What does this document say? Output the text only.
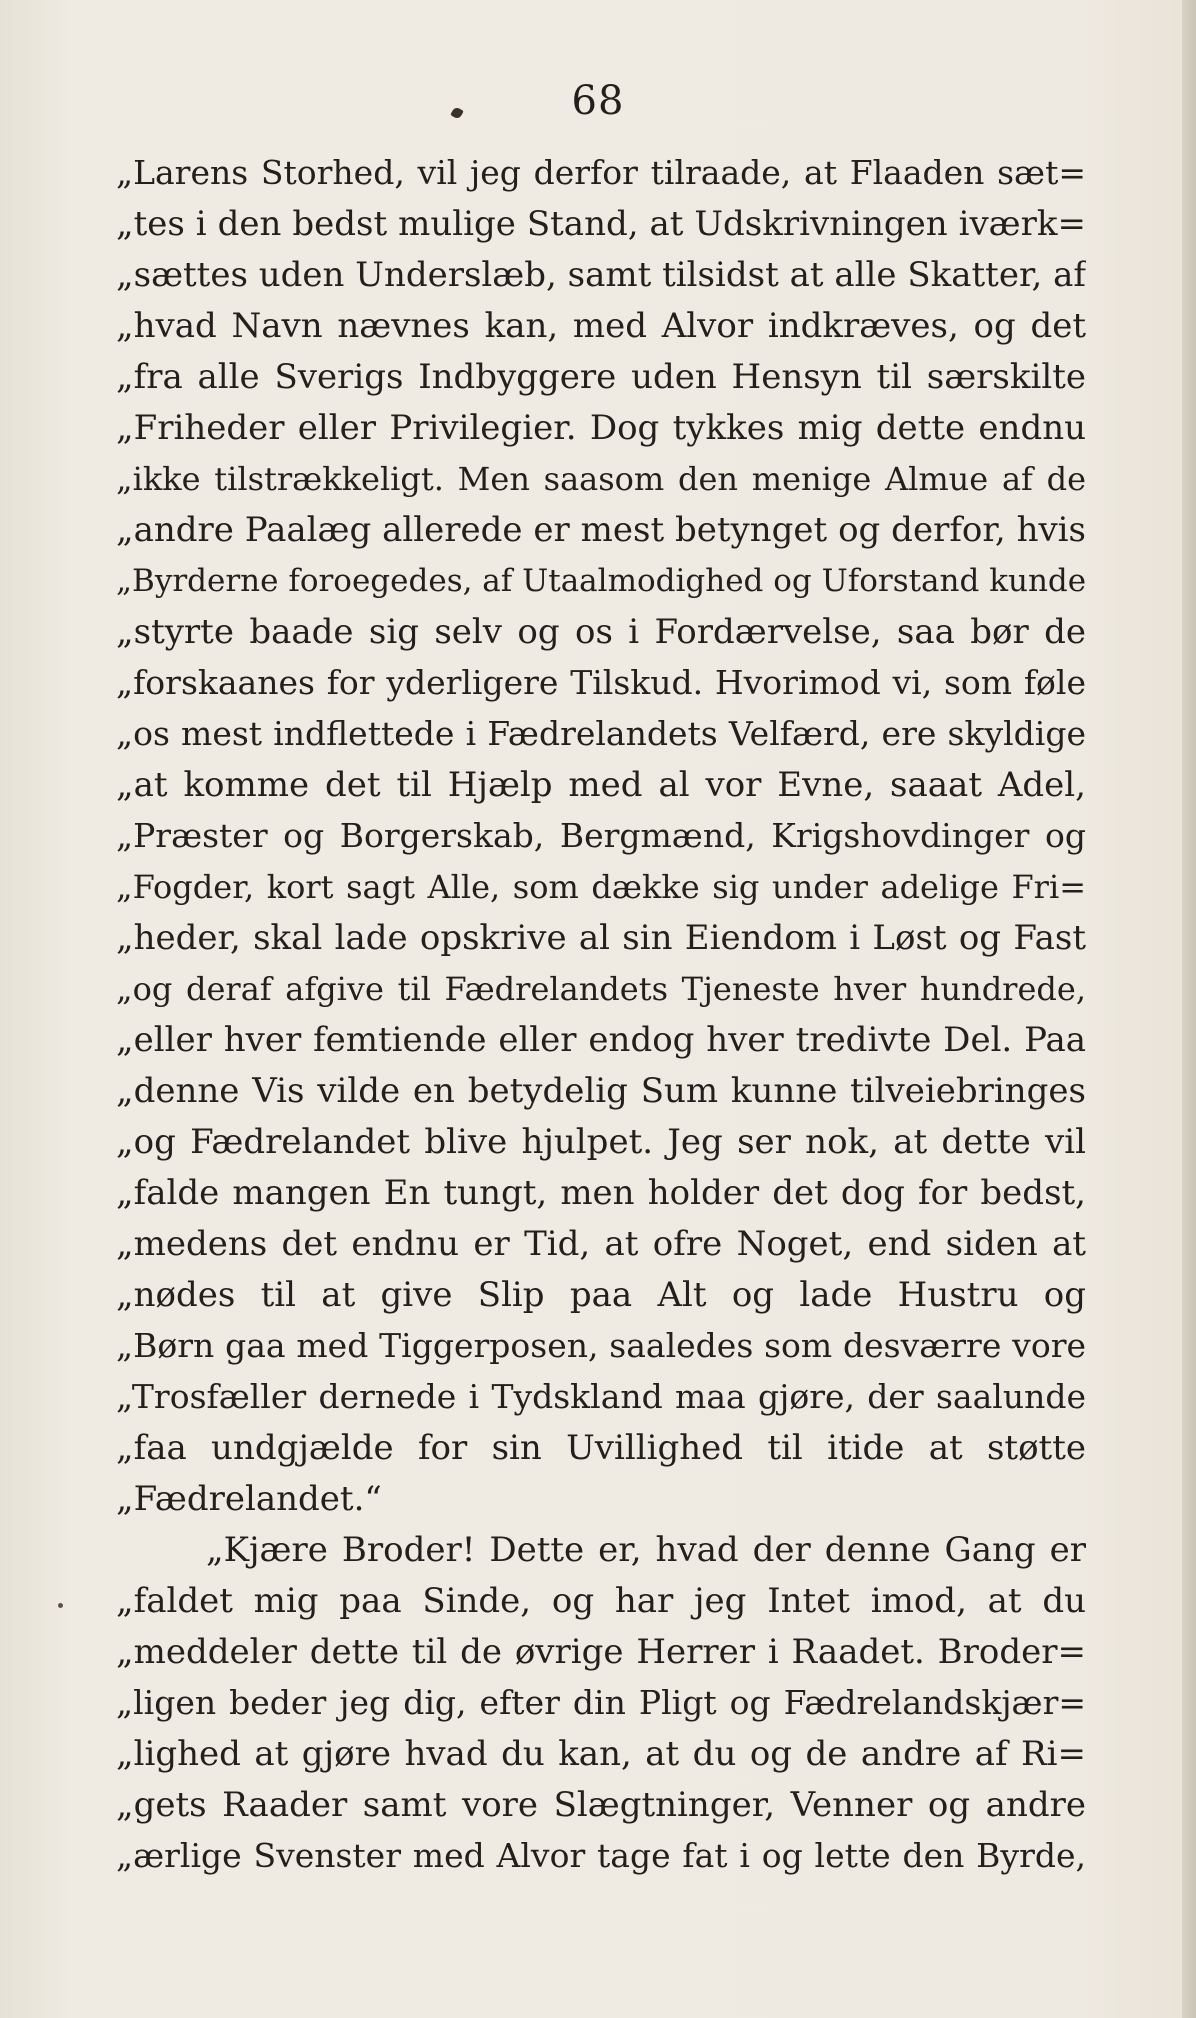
68
„Larens Storhed, vil jeg derfor tilraade, at Flaaden sæt=
„tes i den bedst mulige Stand, at Udskrivningen iværk=
„sættes uden Underslæb, samt tilsidst at alle Skatter, af
„hvad Navn nævnes kan, med Alvor indkræves, og det
„fra alle Sverigs Indbyggere uden Hensyn til særskilte
„Friheder eller Privilegier. Dog tykkes mig dette endnu
„ikke tilstrækkeligt. Men saasom den menige Almue af de
„andre Paalæg allerede er mest betynget og derfor, hvis
„Byrderne foroegedes, af Utaalmodighed og Uforstand kunde
„styrte baade sig selv og os i Fordærvelse, saa bør de
„forskaanes for yderligere Tilskud. Hvorimod vi, som føle
„os mest indflettede i Fædrelandets Velfærd, ere skyldige
„at komme det til Hjælp med al vor Evne, saaat Adel,
„Præster og Borgerskab, Bergmænd, Krigshovdinger og
„Fogder, kort sagt Alle, som dække sig under adelige Fri=
„heder, skal lade opskrive al sin Eiendom i Løst og Fast
„og deraf afgive til Fædrelandets Tjeneste hver hundrede,
„eller hver femtiende eller endog hver tredivte Del. Paa
„denne Vis vilde en betydelig Sum kunne tilveiebringes
„og Fædrelandet blive hjulpet. Jeg ser nok, at dette vil
„falde mangen En tungt, men holder det dog for bedst,
„medens det endnu er Tid, at ofre Noget, end siden at
„nødes til at give Slip paa Alt og lade Hustru og
„Børn gaa med Tiggerposen, saaledes som desværre vore
„Trosfæller dernede i Tydskland maa gjøre, der saalunde
„faa undgjælde for sin Uvillighed til itide at støtte
„Fædrelandet.“
„Kjære Broder! Dette er, hvad der denne Gang er
„faldet mig paa Sinde, og har jeg Intet imod, at du
„meddeler dette til de øvrige Herrer i Raadet. Broder=
„ligen beder jeg dig, efter din Pligt og Fædrelandskjær=
„lighed at gjøre hvad du kan, at du og de andre af Ri=
„gets Raader samt vore Slægtninger, Venner og andre
„ærlige Svenster med Alvor tage fat i og lette den Byrde,
